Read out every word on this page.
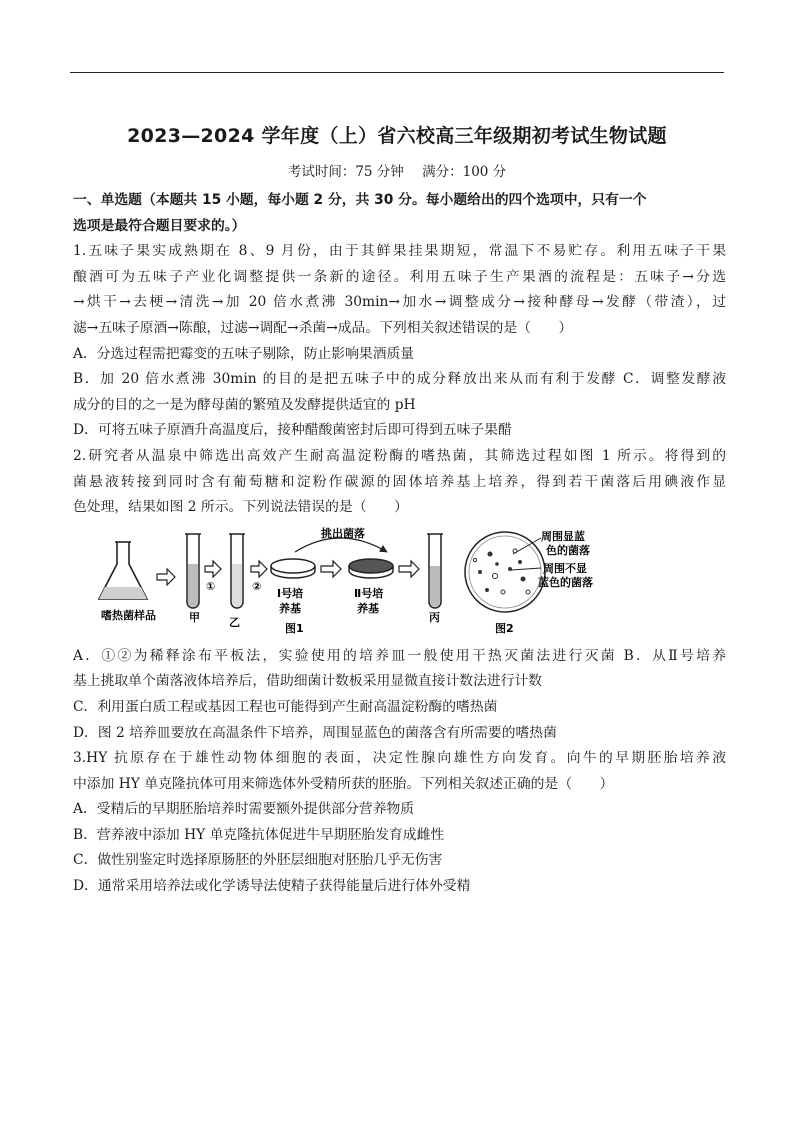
2023—2024 学年度（上）省六校高三年级期初考试生物试题
考试时间：75 分钟 满分：100 分
一、单选题（本题共 15 小题，每小题 2 分，共 30 分。每小题给出的四个选项中，只有一个
选项是最符合题目要求的。）
1.五味子果实成熟期在 8、9 月份，由于其鲜果挂果期短，常温下不易贮存。利用五味子干果
酿酒可为五味子产业化调整提供一条新的途径。利用五味子生产果酒的流程是：五味子→分选
→烘干→去梗→清洗→加 20 倍水煮沸 30min→加水→调整成分→接种酵母→发酵（带渣），过
滤→五味子原酒→陈酿，过滤→调配→杀菌→成品。下列相关叙述错误的是（　　）
A．分选过程需把霉变的五味子剔除，防止影响果酒质量
B．加 20 倍水煮沸 30min 的目的是把五味子中的成分释放出来从而有利于发酵 C．调整发酵液
成分的目的之一是为酵母菌的繁殖及发酵提供适宜的 pH
D．可将五味子原酒升高温度后，接种醋酸菌密封后即可得到五味子果醋
2.研究者从温泉中筛选出高效产生耐高温淀粉酶的嗜热菌，其筛选过程如图 1 所示。将得到的
菌悬液转接到同时含有葡萄糖和淀粉作碳源的固体培养基上培养，得到若干菌落后用碘液作显
色处理，结果如图 2 所示。下列说法错误的是（　　）
嗜热菌样品	甲
①
乙
②
Ⅰ号培
养基
挑出菌落
Ⅱ号培
养基
丙
图1
周围显蓝
色的菌落
周围不显
蓝色的菌落
图2
A．①②为稀释涂布平板法，实验使用的培养皿一般使用干热灭菌法进行灭菌 B．从Ⅱ号培养
基上挑取单个菌落液体培养后，借助细菌计数板采用显微直接计数法进行计数
C．利用蛋白质工程或基因工程也可能得到产生耐高温淀粉酶的嗜热菌
D．图 2 培养皿要放在高温条件下培养，周围显蓝色的菌落含有所需要的嗜热菌
3.HY 抗原存在于雄性动物体细胞的表面，决定性腺向雄性方向发育。向牛的早期胚胎培养液
中添加 HY 单克隆抗体可用来筛选体外受精所获的胚胎。下列相关叙述正确的是（　　）
A．受精后的早期胚胎培养时需要额外提供部分营养物质
B．营养液中添加 HY 单克隆抗体促进牛早期胚胎发育成雌性
C．做性别鉴定时选择原肠胚的外胚层细胞对胚胎几乎无伤害
D．通常采用培养法或化学诱导法使精子获得能量后进行体外受精
